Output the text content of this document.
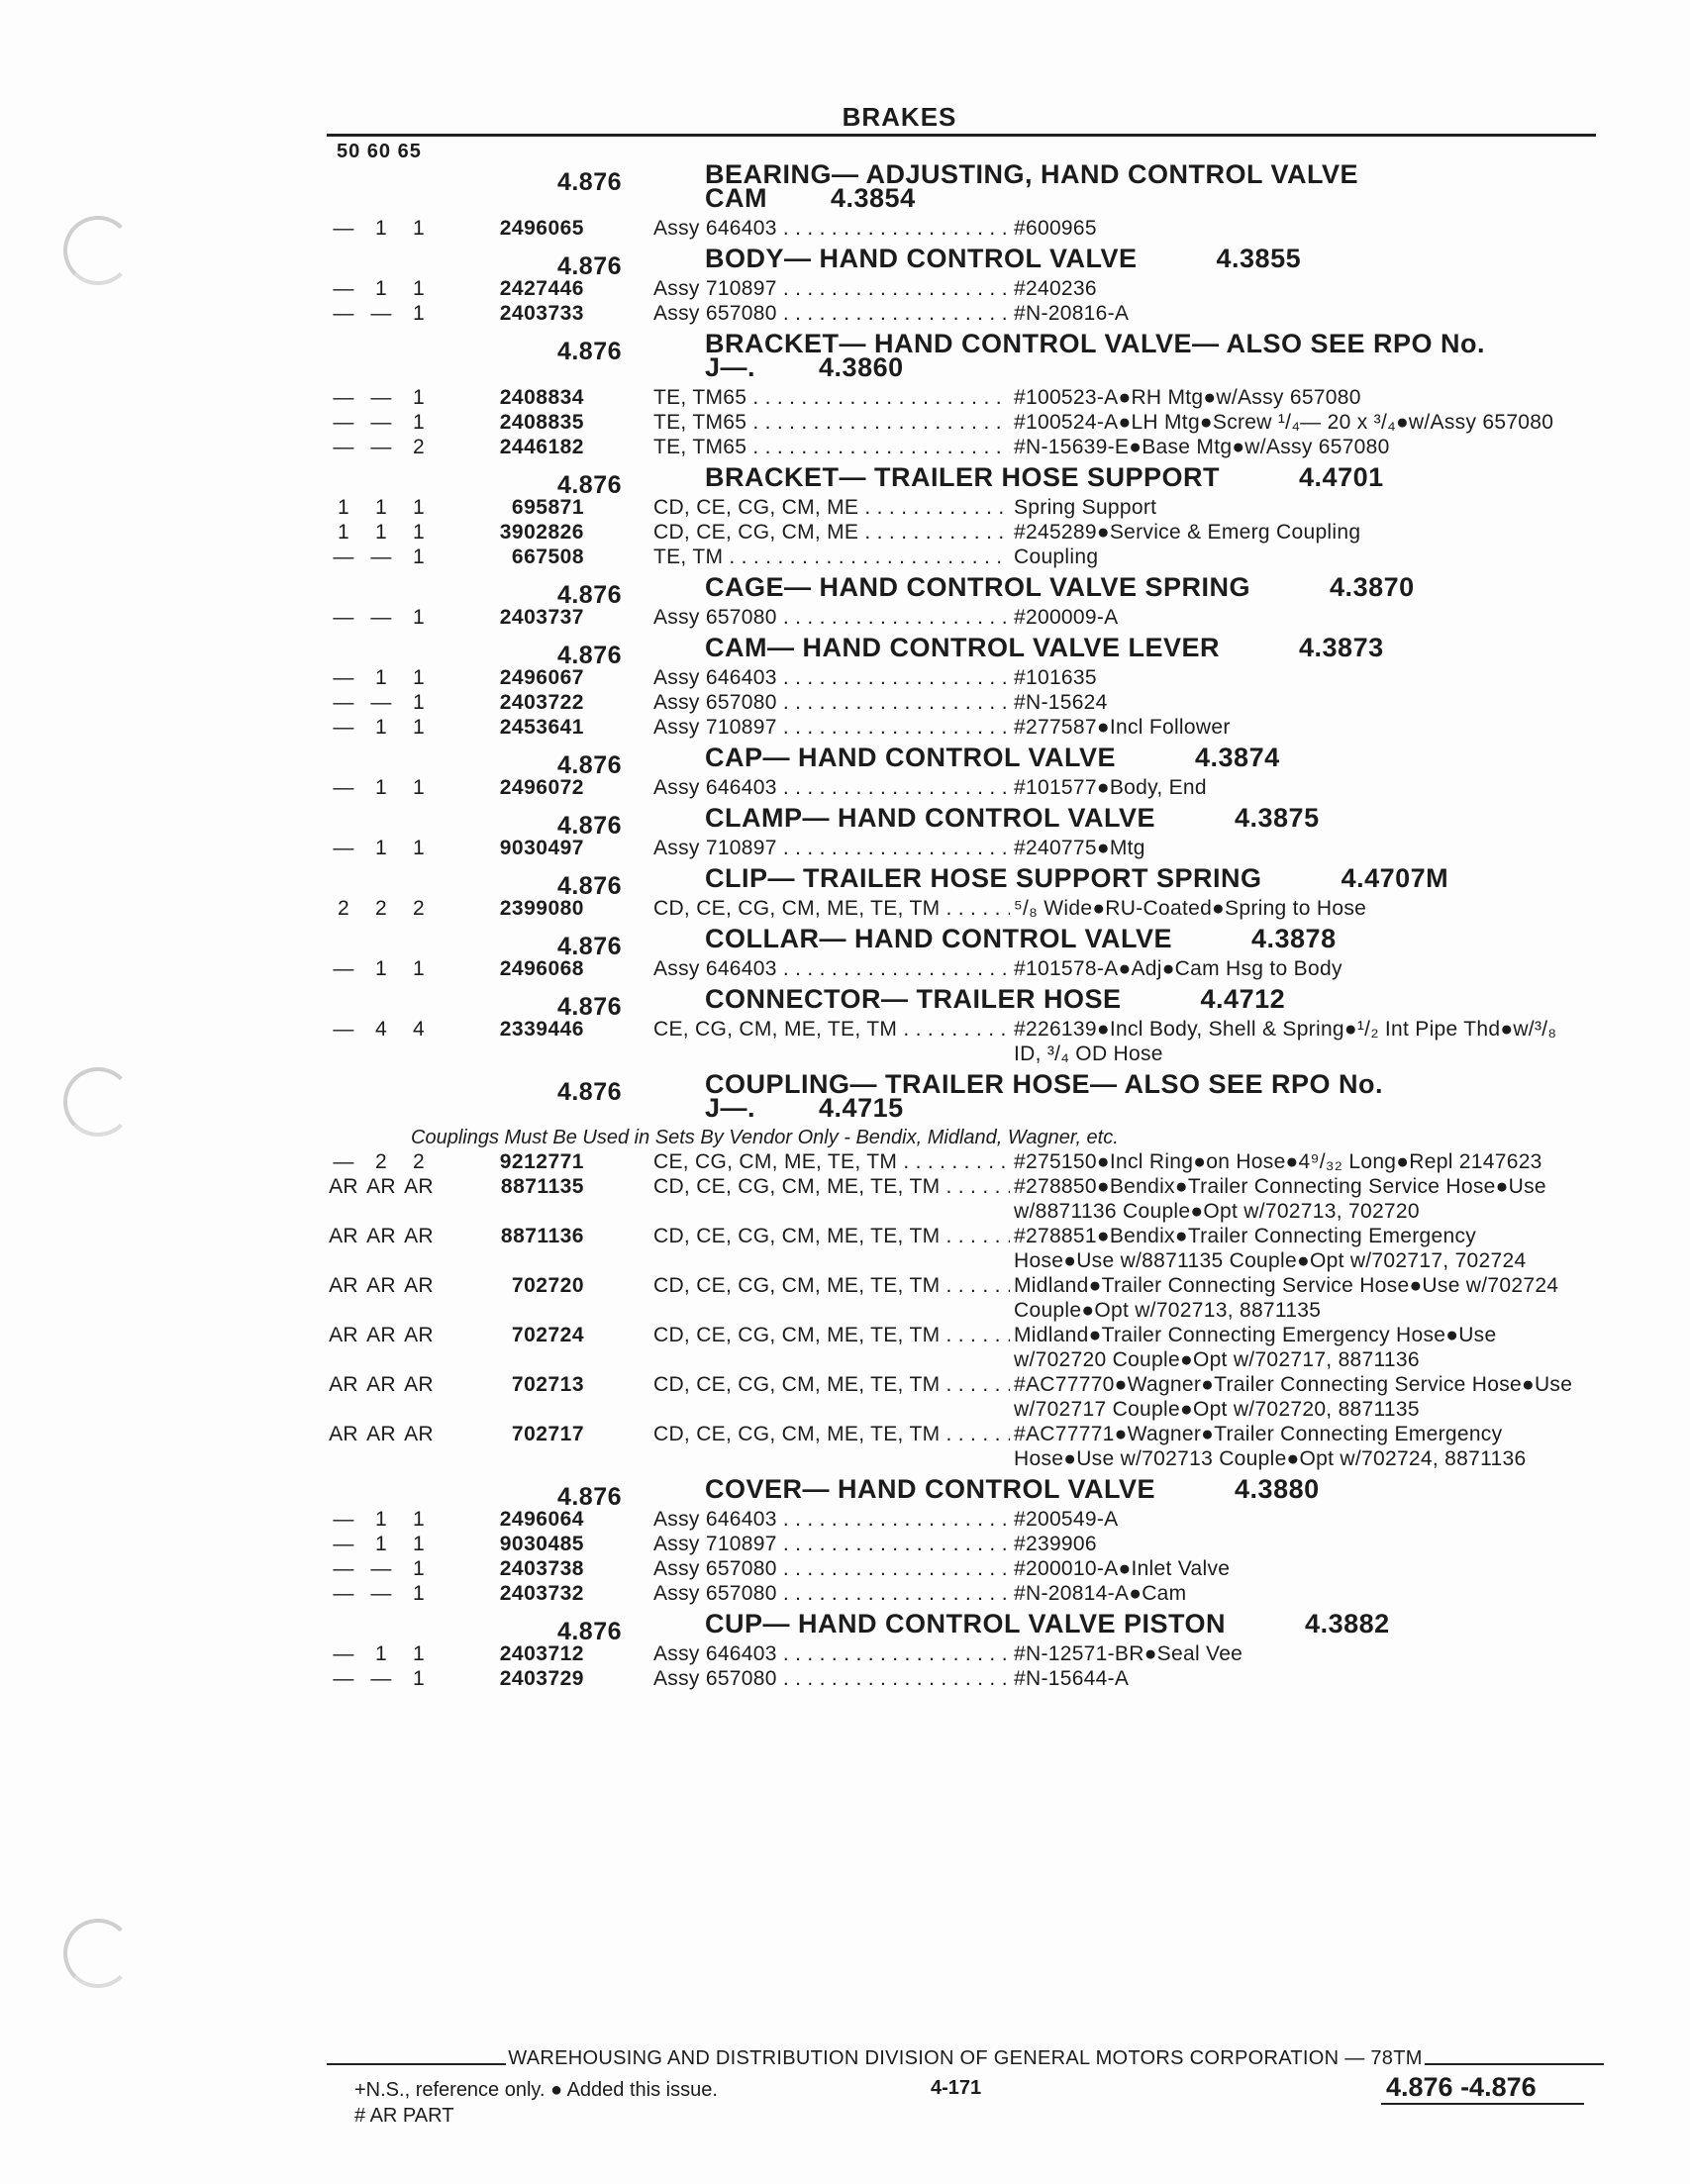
BRAKES
50 60 65
4.876	BEARING— ADJUSTING, HAND CONTROL VALVE
CAM        4.3854
—	1	1	2496065	Assy 646403 . . .	#600965
4.876	BODY— HAND CONTROL VALVE          4.3855
—	1	1	2427446	Assy 710897 . . .	#240236
— —	1	2403733	Assy 657080 . . .	#N-20816-A
4.876	BRACKET— HAND CONTROL VALVE— ALSO SEE RPO No.
J—.        4.3860
— —	1	2408834	TE, TM65 . . .	#100523-A●RH Mtg●w/Assy 657080
— —	1	2408835	TE, TM65 . . .	#100524-A●LH Mtg●Screw ¹/₄— 20 x ³/₄●w/Assy 657080
— —	2	2446182	TE, TM65 . . .	#N-15639-E●Base Mtg●w/Assy 657080
4.876	BRACKET— TRAILER HOSE SUPPORT          4.4701
1	1	1	695871	CD, CE, CG, CM, ME . . .	Spring Support
1	1	1	3902826	CD, CE, CG, CM, ME . . .	#245289●Service & Emerg Coupling
— —	1	667508	TE, TM . . .	Coupling
4.876	CAGE— HAND CONTROL VALVE SPRING          4.3870
— —	1	2403737	Assy 657080 . . .	#200009-A
4.876	CAM— HAND CONTROL VALVE LEVER          4.3873
—	1	1	2496067	Assy 646403 . . .	#101635
— —	1	2403722	Assy 657080 . . .	#N-15624
—	1	1	2453641	Assy 710897 . . .	#277587●Incl Follower
4.876	CAP— HAND CONTROL VALVE          4.3874
—	1	1	2496072	Assy 646403 . . .	#101577●Body, End
4.876	CLAMP— HAND CONTROL VALVE          4.3875
—	1	1	9030497	Assy 710897 . . .	#240775●Mtg
4.876	CLIP— TRAILER HOSE SUPPORT SPRING          4.4707M
2	2	2	2399080	CD, CE, CG, CM, ME, TE, TM . . .	⁵/₈ Wide●RU-Coated●Spring to Hose
4.876	COLLAR— HAND CONTROL VALVE          4.3878
—	1	1	2496068	Assy 646403 . . .	#101578-A●Adj●Cam Hsg to Body
4.876	CONNECTOR— TRAILER HOSE          4.4712
—	4	4	2339446	CE, CG, CM, ME, TE, TM . . .	#226139●Incl Body, Shell & Spring●¹/₂ Int Pipe Thd●w/³/₈ ID, ³/₄ OD Hose
4.876	COUPLING— TRAILER HOSE— ALSO SEE RPO No.
J—.        4.4715
Couplings Must Be Used in Sets By Vendor Only - Bendix, Midland, Wagner, etc.
—	2	2	9212771	CE, CG, CM, ME, TE, TM . . .	#275150●Incl Ring●on Hose●4⁹/₃₂ Long●Repl 2147623
AR AR AR	8871135	CD, CE, CG, CM, ME, TE, TM . . .	#278850●Bendix●Trailer Connecting Service Hose●Use w/8871136 Couple●Opt w/702713, 702720
AR AR AR	8871136	CD, CE, CG, CM, ME, TE, TM . . .	#278851●Bendix●Trailer Connecting Emergency Hose●Use w/8871135 Couple●Opt w/702717, 702724
AR AR AR	702720	CD, CE, CG, CM, ME, TE, TM . . .	Midland●Trailer Connecting Service Hose●Use w/702724 Couple●Opt w/702713, 8871135
AR AR AR	702724	CD, CE, CG, CM, ME, TE, TM . . .	Midland●Trailer Connecting Emergency Hose●Use w/702720 Couple●Opt w/702717, 8871136
AR AR AR	702713	CD, CE, CG, CM, ME, TE, TM . . .	#AC77770●Wagner●Trailer Connecting Service Hose●Use w/702717 Couple●Opt w/702720, 8871135
AR AR AR	702717	CD, CE, CG, CM, ME, TE, TM . . .	#AC77771●Wagner●Trailer Connecting Emergency Hose●Use w/702713 Couple●Opt w/702724, 8871136
4.876	COVER— HAND CONTROL VALVE          4.3880
—	1	1	2496064	Assy 646403 . . .	#200549-A
—	1	1	9030485	Assy 710897 . . .	#239906
— —	1	2403738	Assy 657080 . . .	#200010-A●Inlet Valve
— —	1	2403732	Assy 657080 . . .	#N-20814-A●Cam
4.876	CUP— HAND CONTROL VALVE PISTON          4.3882
—	1	1	2403712	Assy 646403 . . .	#N-12571-BR●Seal Vee
— —	1	2403729	Assy 657080 . . .	#N-15644-A
WAREHOUSING AND DISTRIBUTION DIVISION OF GENERAL MOTORS CORPORATION — 78TM
+N.S., reference only. ● Added this issue.
# AR PART
4-171	4.876 -4.876
